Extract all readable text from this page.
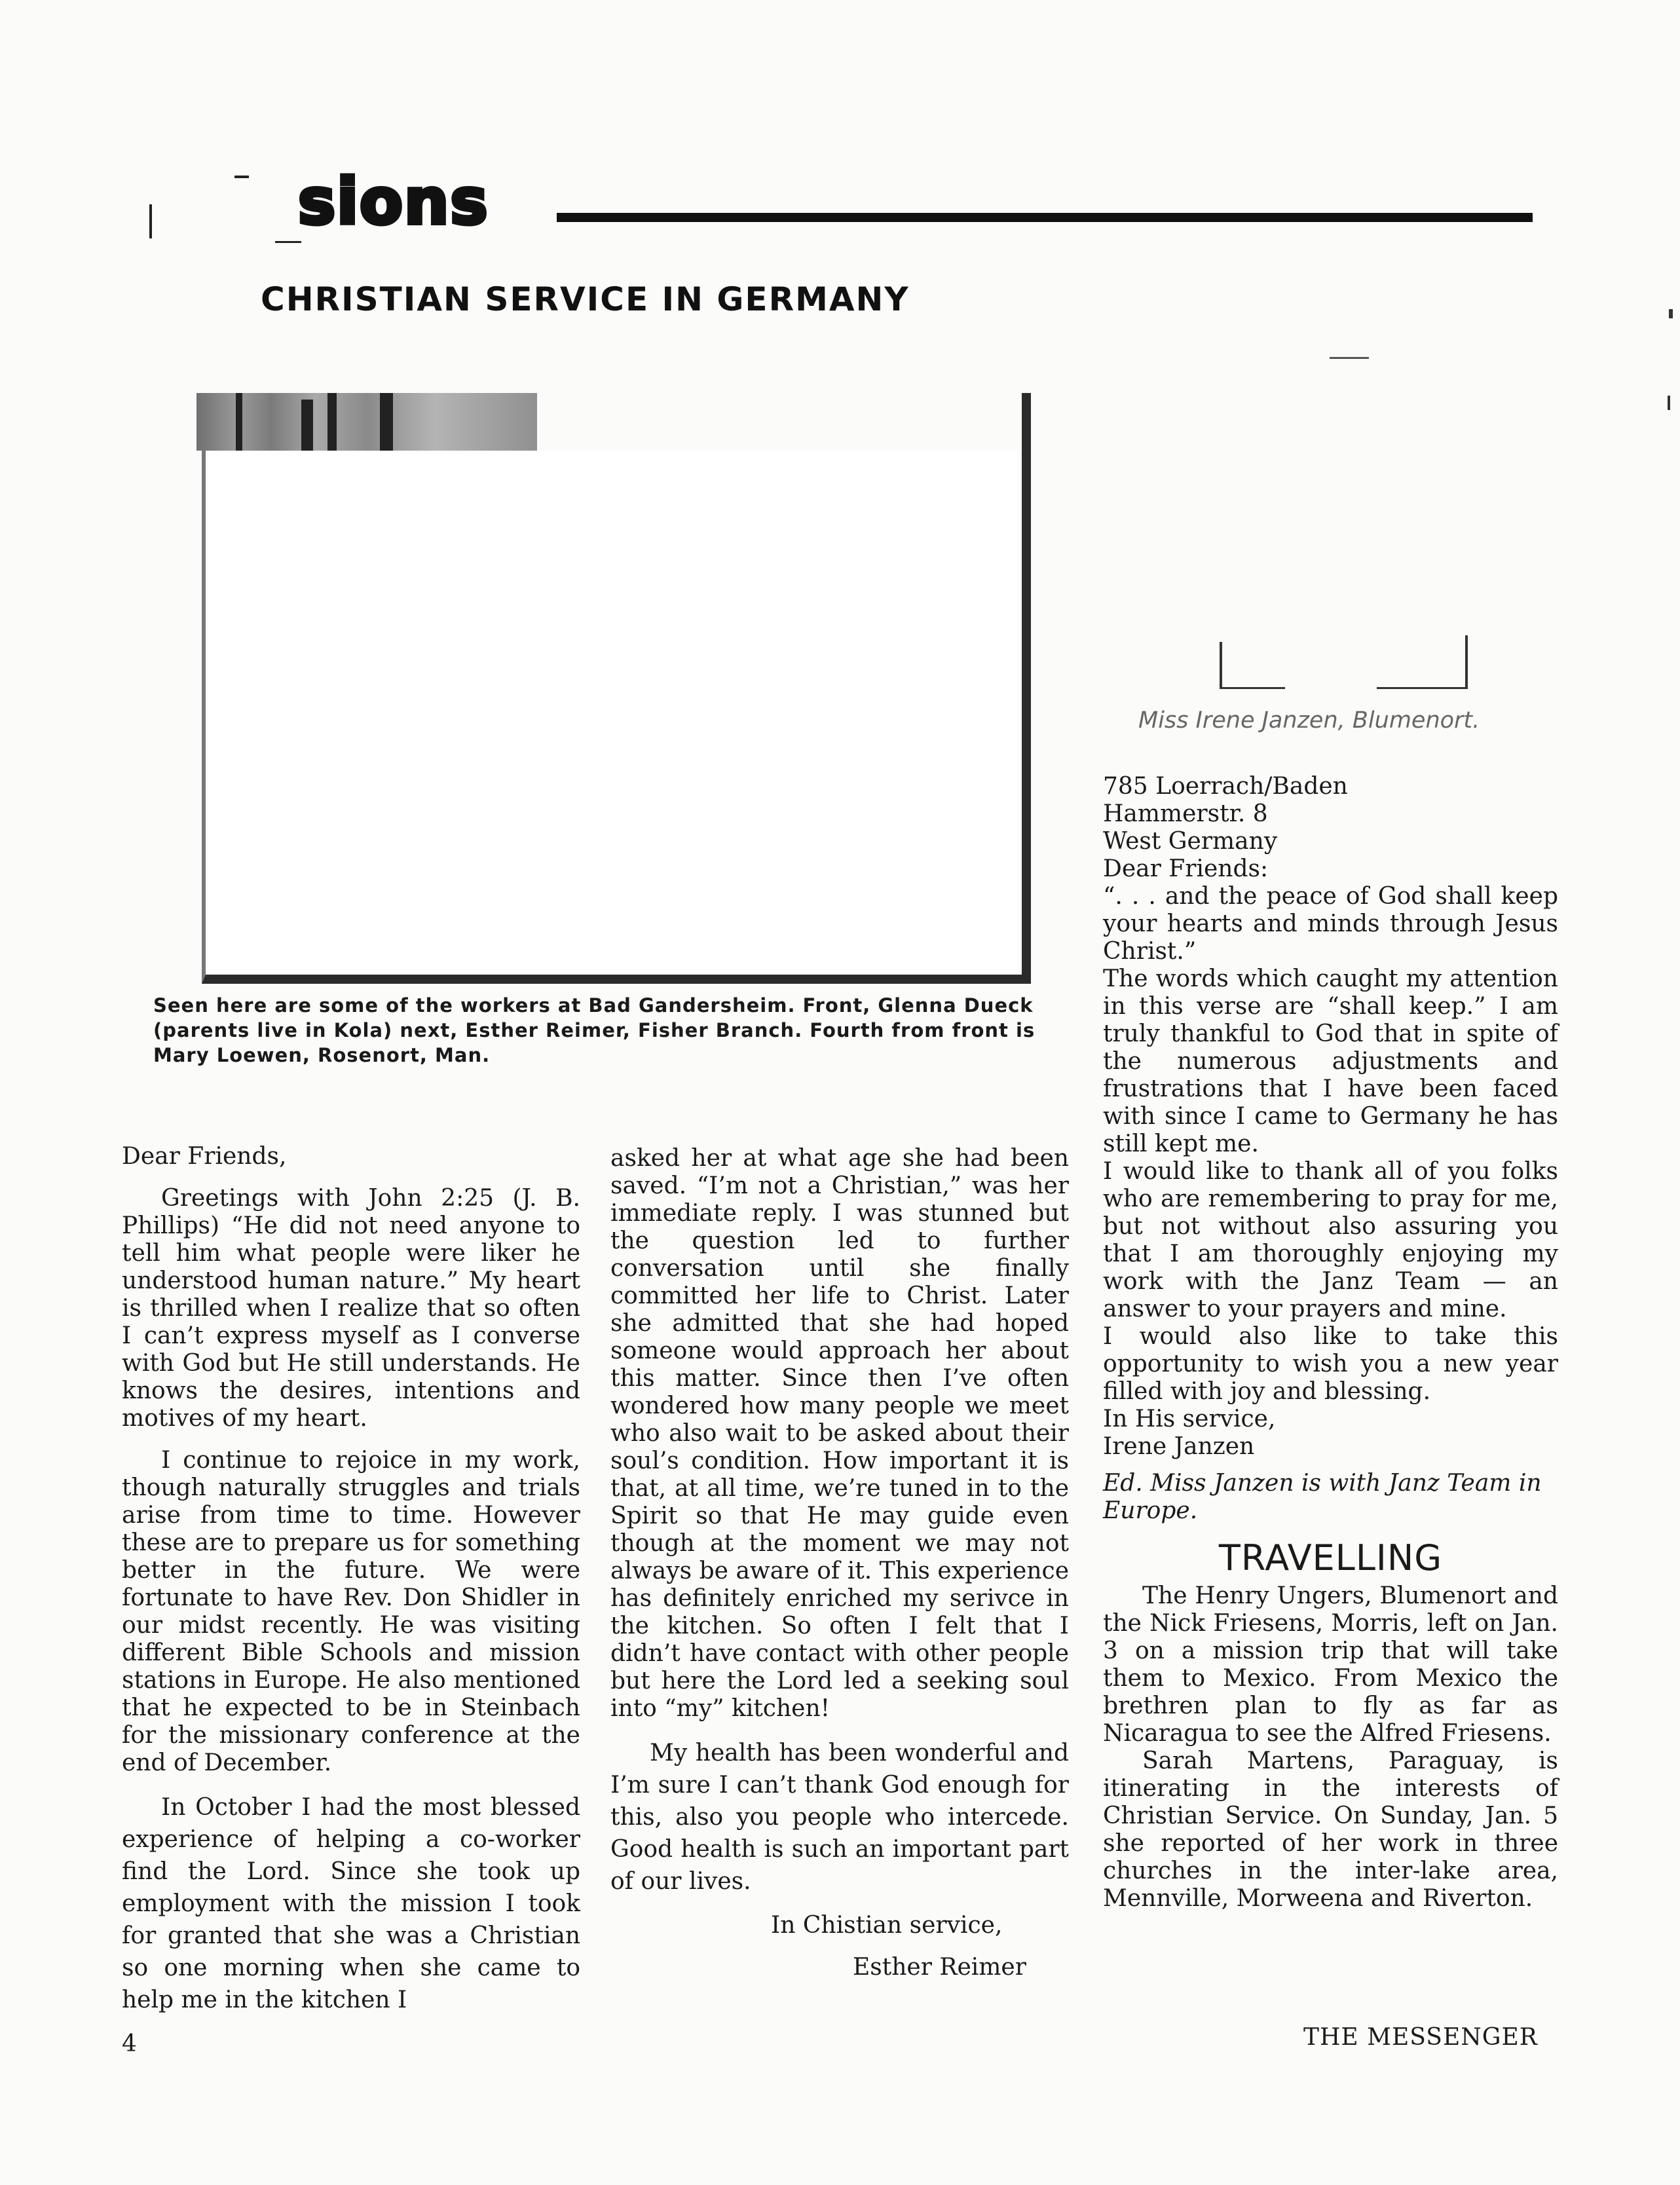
sions
CHRISTIAN SERVICE IN GERMANY
Seen here are some of the workers at Bad Gandersheim. Front, Glenna Dueck (parents live in Kola) next, Esther Reimer, Fisher Branch. Fourth from front is Mary Loewen, Rosenort, Man.
Miss Irene Janzen, Blumenort.

Dear Friends,

Greetings with John 2:25 (J. B. Phillips) “He did not need anyone to tell him what people were liker he understood human nature.” My heart is thrilled when I realize that so often I can’t express myself as I converse with God but He still understands. He knows the desires, intentions and motives of my heart.

I continue to rejoice in my work, though naturally struggles and trials arise from time to time. However these are to prepare us for something better in the future. We were fortunate to have Rev. Don Shidler in our midst recently. He was visiting different Bible Schools and mission stations in Europe. He also mentioned that he expected to be in Steinbach for the missionary conference at the end of December.

In October I had the most blessed experience of helping a co-worker find the Lord. Since she took up employment with the mission I took for granted that she was a Christian so one morning when she came to help me in the kitchen I

asked her at what age she had been saved. “I’m not a Christian,” was her immediate reply. I was stunned but the question led to further conversation until she finally committed her life to Christ. Later she admitted that she had hoped someone would approach her about this matter. Since then I’ve often wondered how many people we meet who also wait to be asked about their soul’s condition. How important it is that, at all time, we’re tuned in to the Spirit so that He may guide even though at the moment we may not always be aware of it. This experience has definitely enriched my serivce in the kitchen. So often I felt that I didn’t have contact with other people but here the Lord led a seeking soul into “my” kitchen!

My health has been wonderful and I’m sure I can’t thank God enough for this, also you people who intercede. Good health is such an important part of our lives.

In Chistian service,

Esther Reimer

785 Loerrach/Baden

Hammerstr. 8

West Germany

Dear Friends:

“. . . and the peace of God shall keep your hearts and minds through Jesus Christ.”

The words which caught my attention in this verse are “shall keep.” I am truly thankful to God that in spite of the numerous adjustments and frustrations that I have been faced with since I came to Germany he has still kept me.

I would like to thank all of you folks who are remembering to pray for me, but not without also assuring you that I am thoroughly enjoying my work with the Janz Team — an answer to your prayers and mine.

I would also like to take this opportunity to wish you a new year filled with joy and blessing.

In His service,

Irene Janzen

Ed. Miss Janzen is with Janz Team in Europe.

TRAVELLING

The Henry Ungers, Blumenort and the Nick Friesens, Morris, left on Jan. 3 on a mission trip that will take them to Mexico. From Mexico the brethren plan to fly as far as Nicaragua to see the Alfred Friesens.

Sarah Martens, Paraguay, is itinerating in the interests of Christian Service. On Sunday, Jan. 5 she reported of her work in three churches in the inter-lake area, Mennville, Morweena and Riverton.

4	THE MESSENGER
